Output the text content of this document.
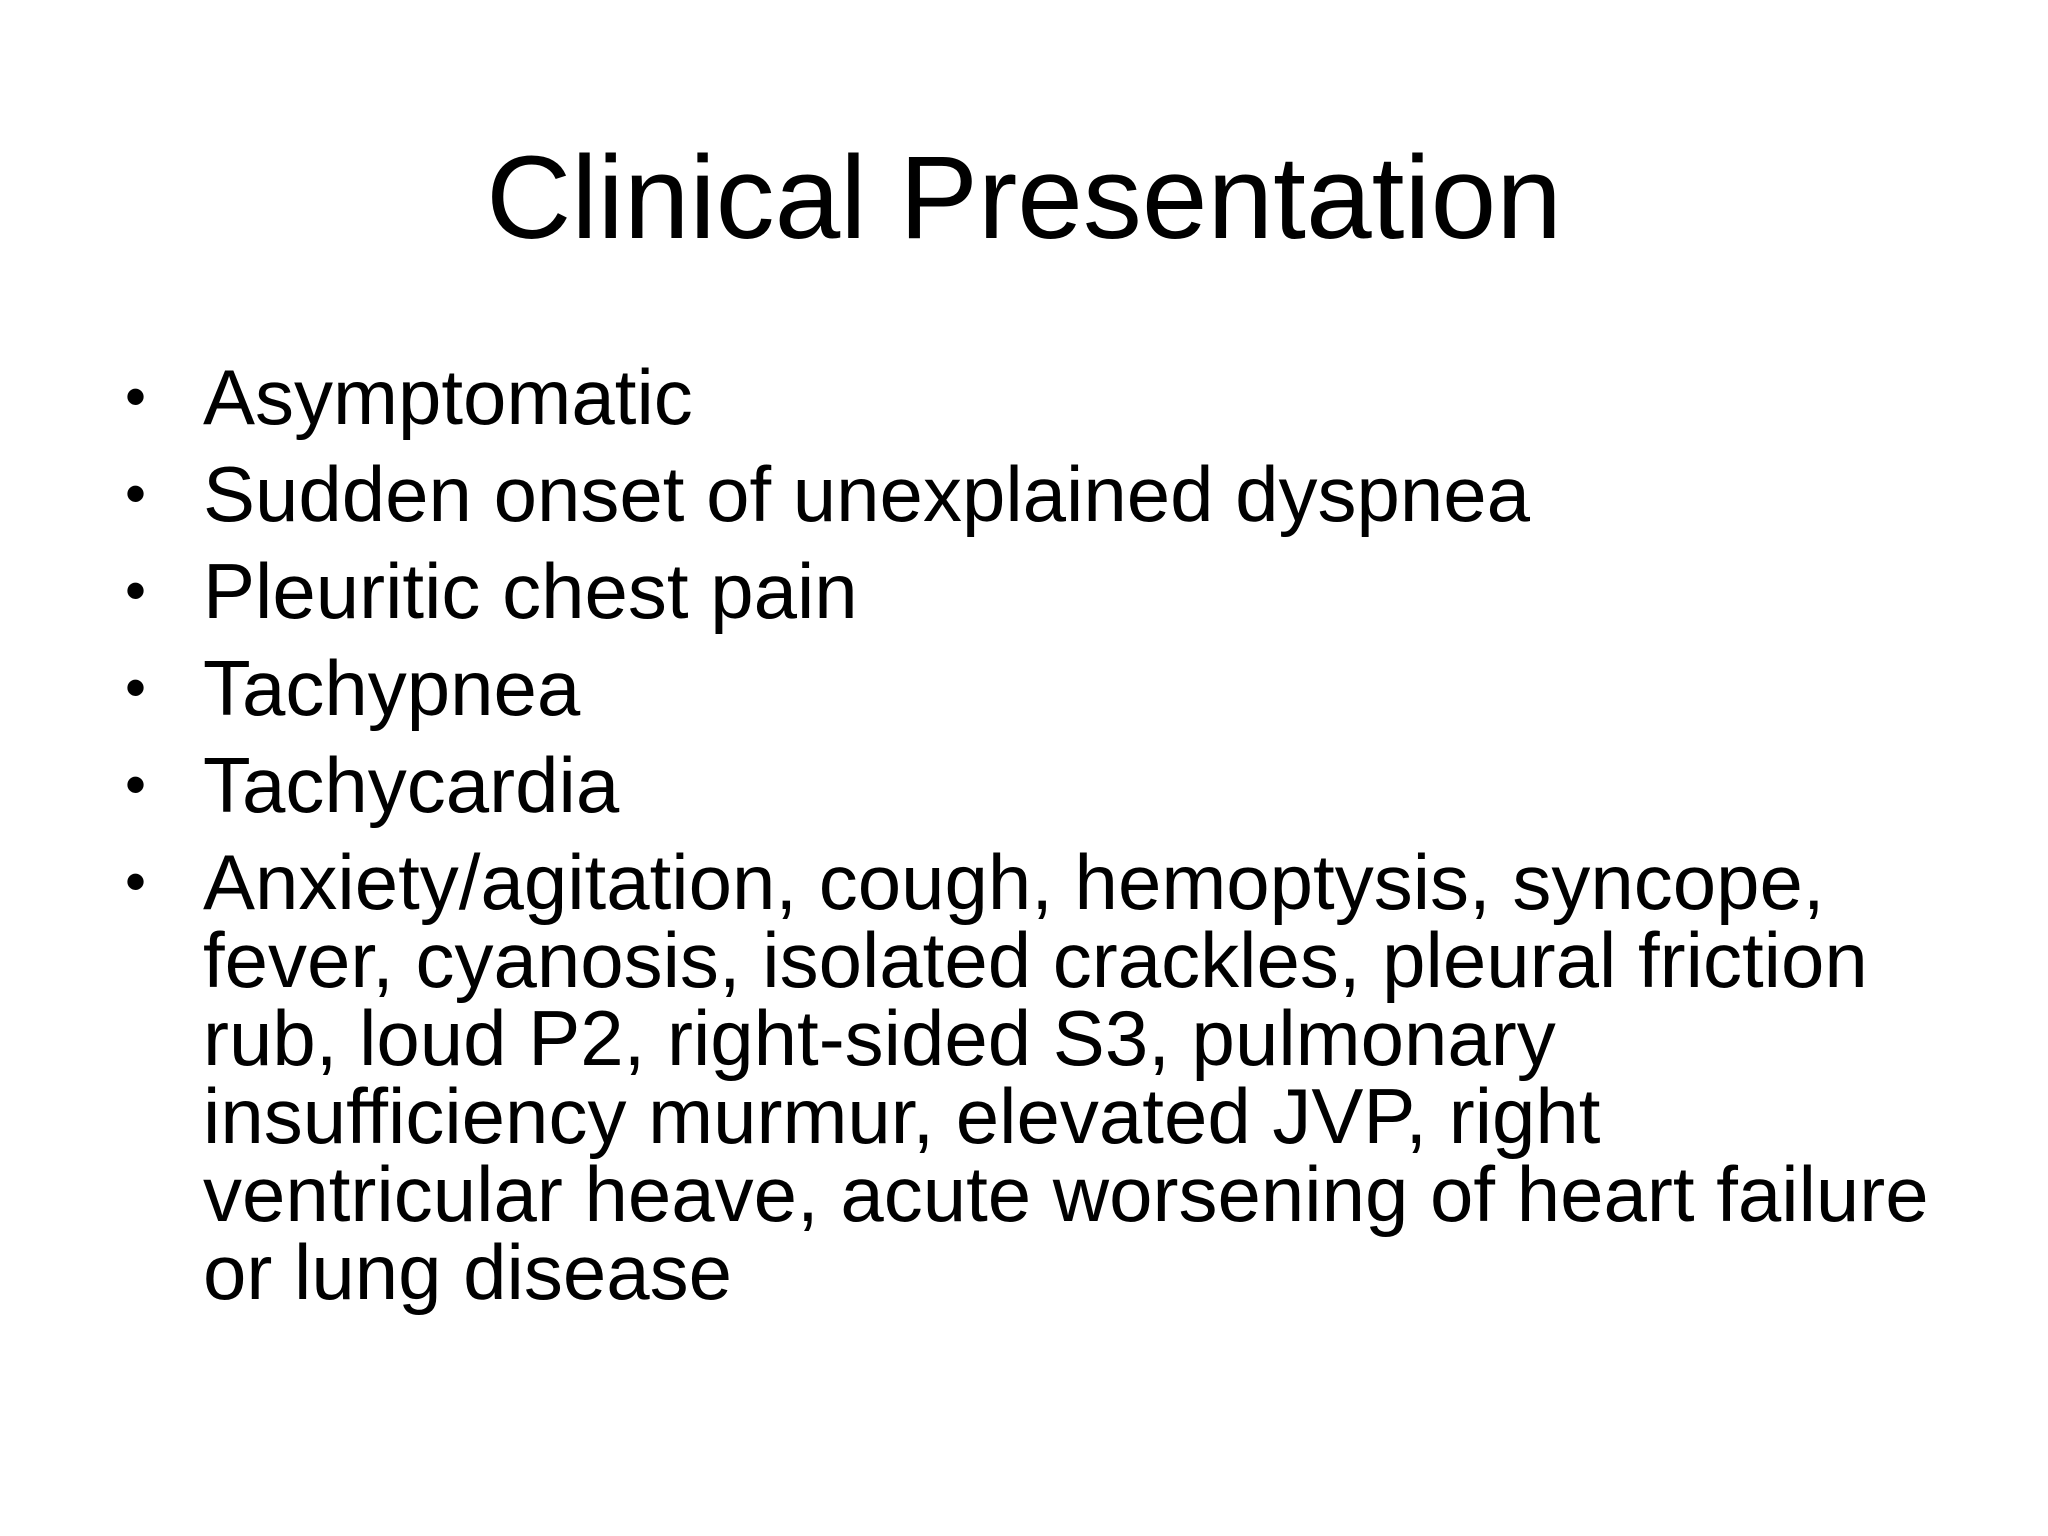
Clinical Presentation
• Asymptomatic
• Sudden onset of unexplained dyspnea
• Pleuritic chest pain
• Tachypnea
• Tachycardia
• Anxiety/agitation, cough, hemoptysis, syncope, fever, cyanosis, isolated crackles, pleural friction rub, loud P2, right-sided S3, pulmonary insufficiency murmur, elevated JVP, right ventricular heave, acute worsening of heart failure or lung disease
